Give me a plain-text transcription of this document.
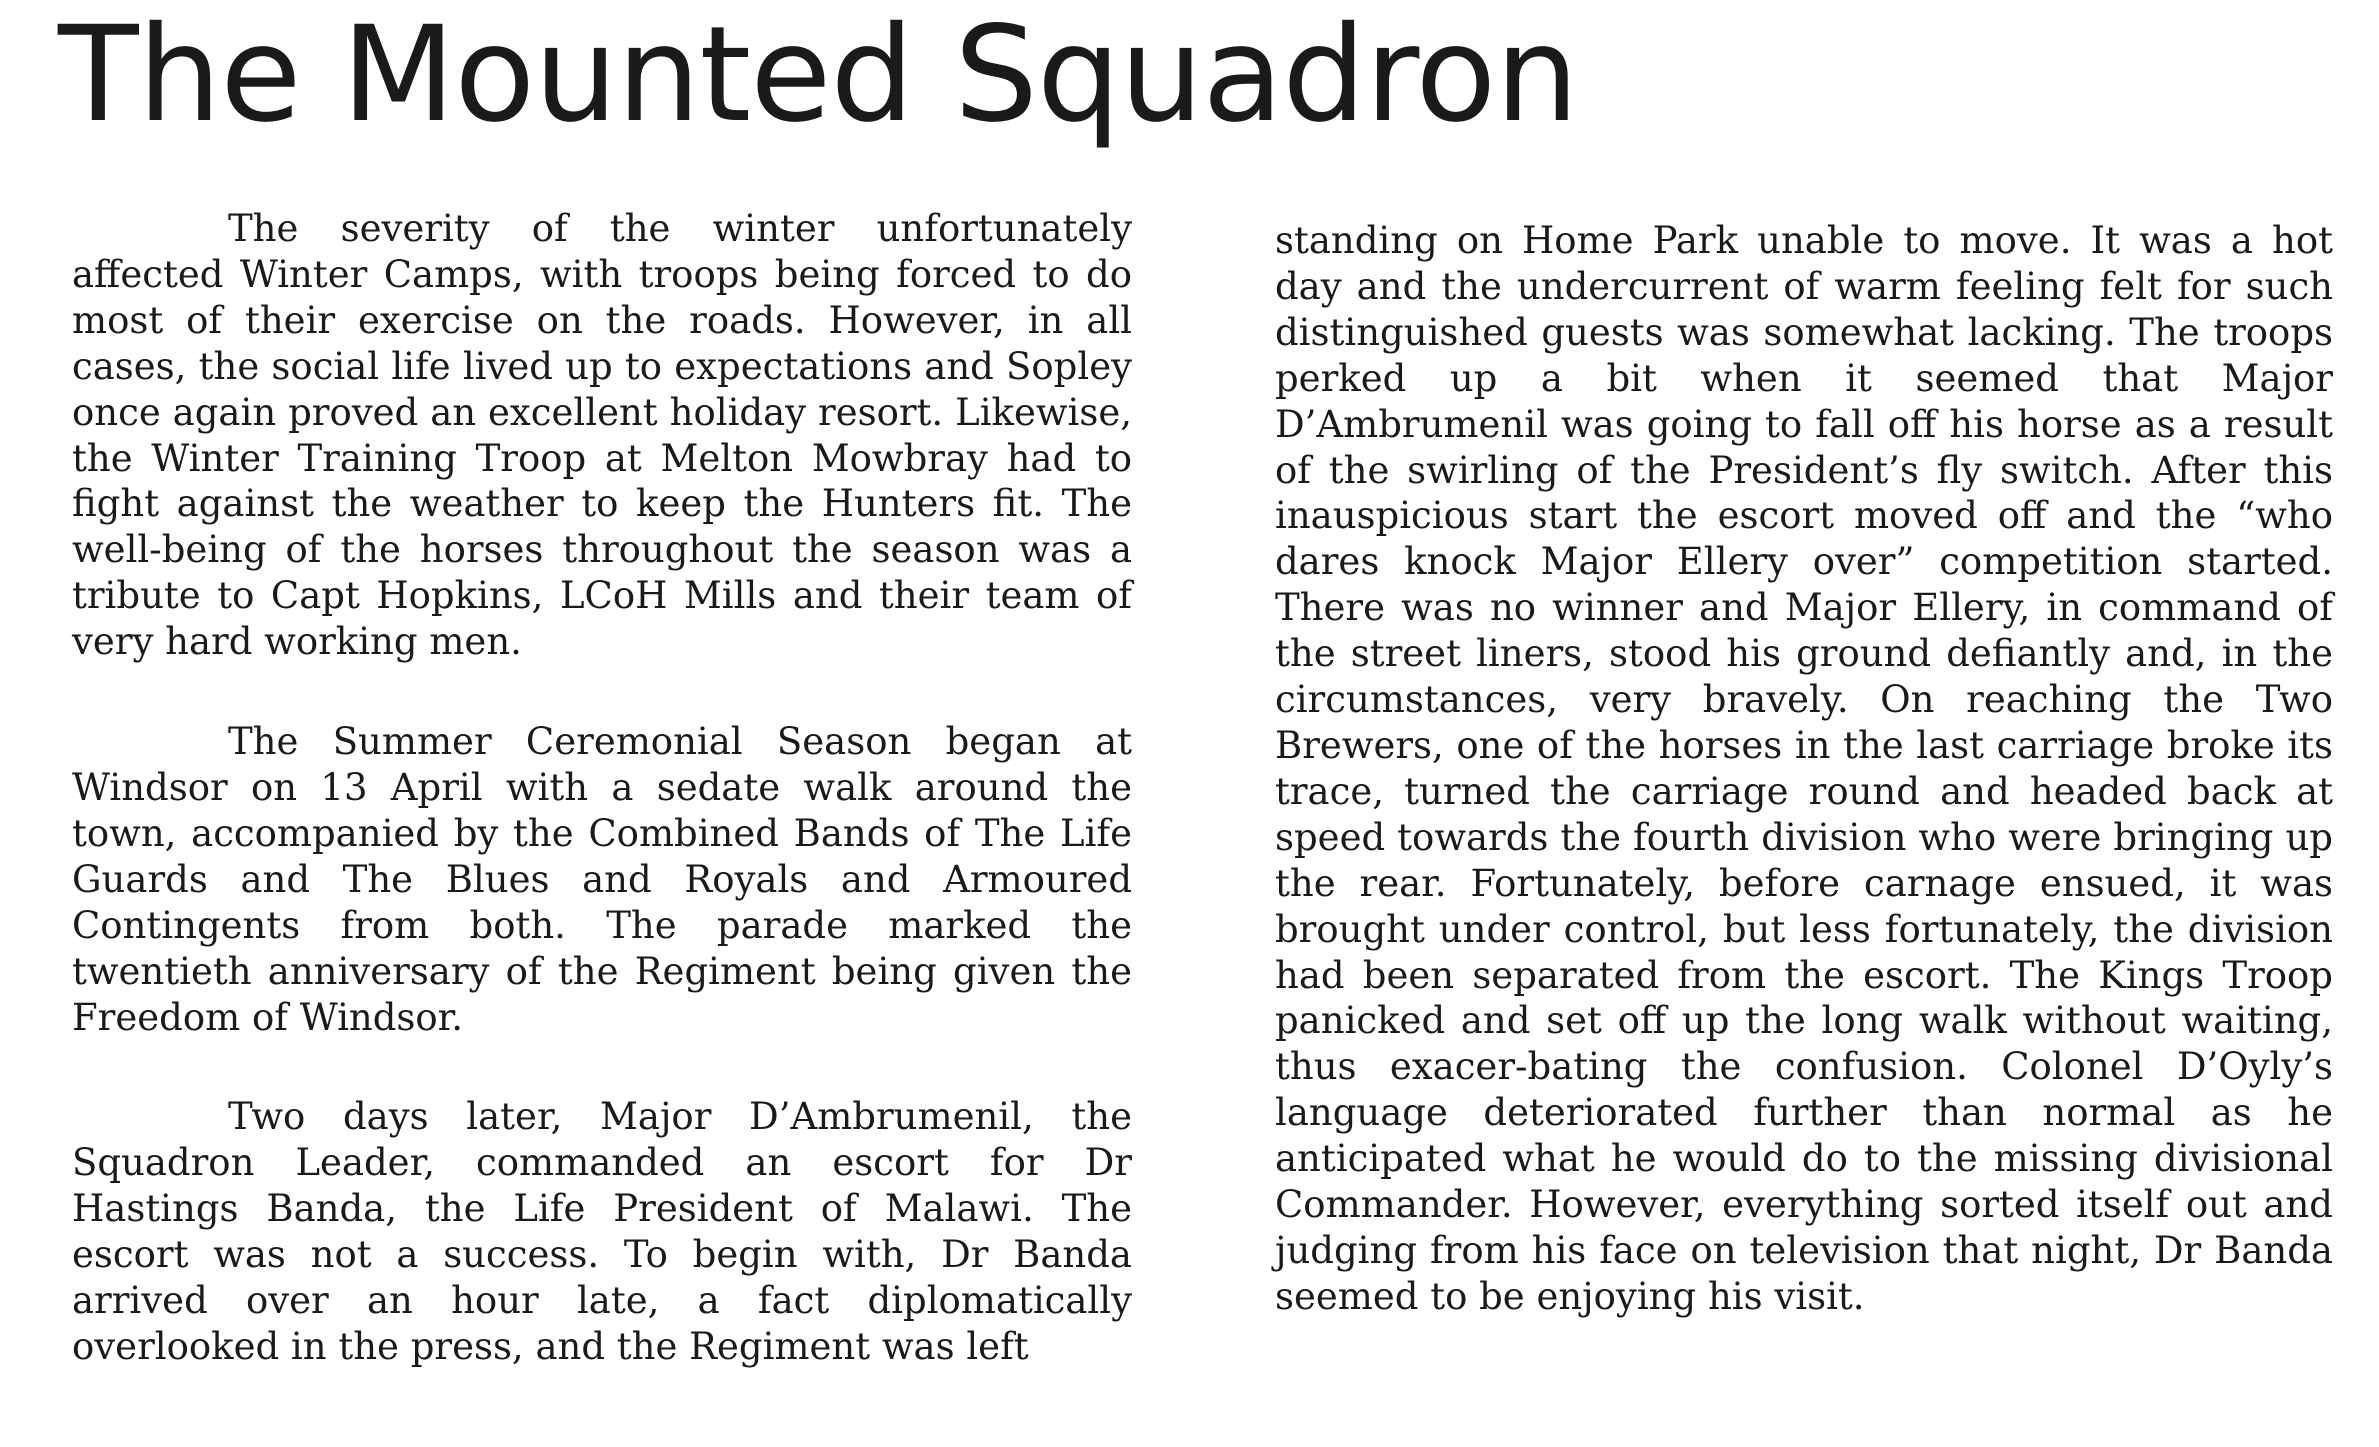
The Mounted Squadron

The severity of the winter unfortunately affected Winter Camps, with troops being forced to do most of their exercise on the roads. However, in all cases, the social life lived up to expectations and Sopley once again proved an excellent holiday resort. Likewise, the Winter Training Troop at Melton Mowbray had to fight against the weather to keep the Hunters fit. The well-being of the horses throughout the season was a tribute to Capt Hopkins, LCoH Mills and their team of very hard working men.

The Summer Ceremonial Season began at Windsor on 13 April with a sedate walk around the town, accompanied by the Combined Bands of The Life Guards and The Blues and Royals and Armoured Contingents from both. The parade marked the twentieth anniversary of the Regiment being given the Freedom of Windsor.

Two days later, Major D’Ambrumenil, the Squadron Leader, commanded an escort for Dr Hastings Banda, the Life President of Malawi. The escort was not a success. To begin with, Dr Banda arrived over an hour late, a fact diplomatically overlooked in the press, and the Regiment was left

standing on Home Park unable to move. It was a hot day and the undercurrent of warm feeling felt for such distinguished guests was somewhat lacking. The troops perked up a bit when it seemed that Major D’Ambrumenil was going to fall off his horse as a result of the swirling of the President’s fly switch. After this inauspicious start the escort moved off and the “who dares knock Major Ellery over” competition started. There was no winner and Major Ellery, in command of the street liners, stood his ground defiantly and, in the circumstances, very bravely. On reaching the Two Brewers, one of the horses in the last carriage broke its trace, turned the carriage round and headed back at speed towards the fourth division who were bringing up the rear. Fortunately, before carnage ensued, it was brought under control, but less fortunately, the division had been separated from the escort. The Kings Troop panicked and set off up the long walk without waiting, thus exacer-bating the confusion. Colonel D’Oyly’s language deteriorated further than normal as he anticipated what he would do to the missing divisional Commander. However, everything sorted itself out and judging from his face on television that night, Dr Banda seemed to be enjoying his visit.
